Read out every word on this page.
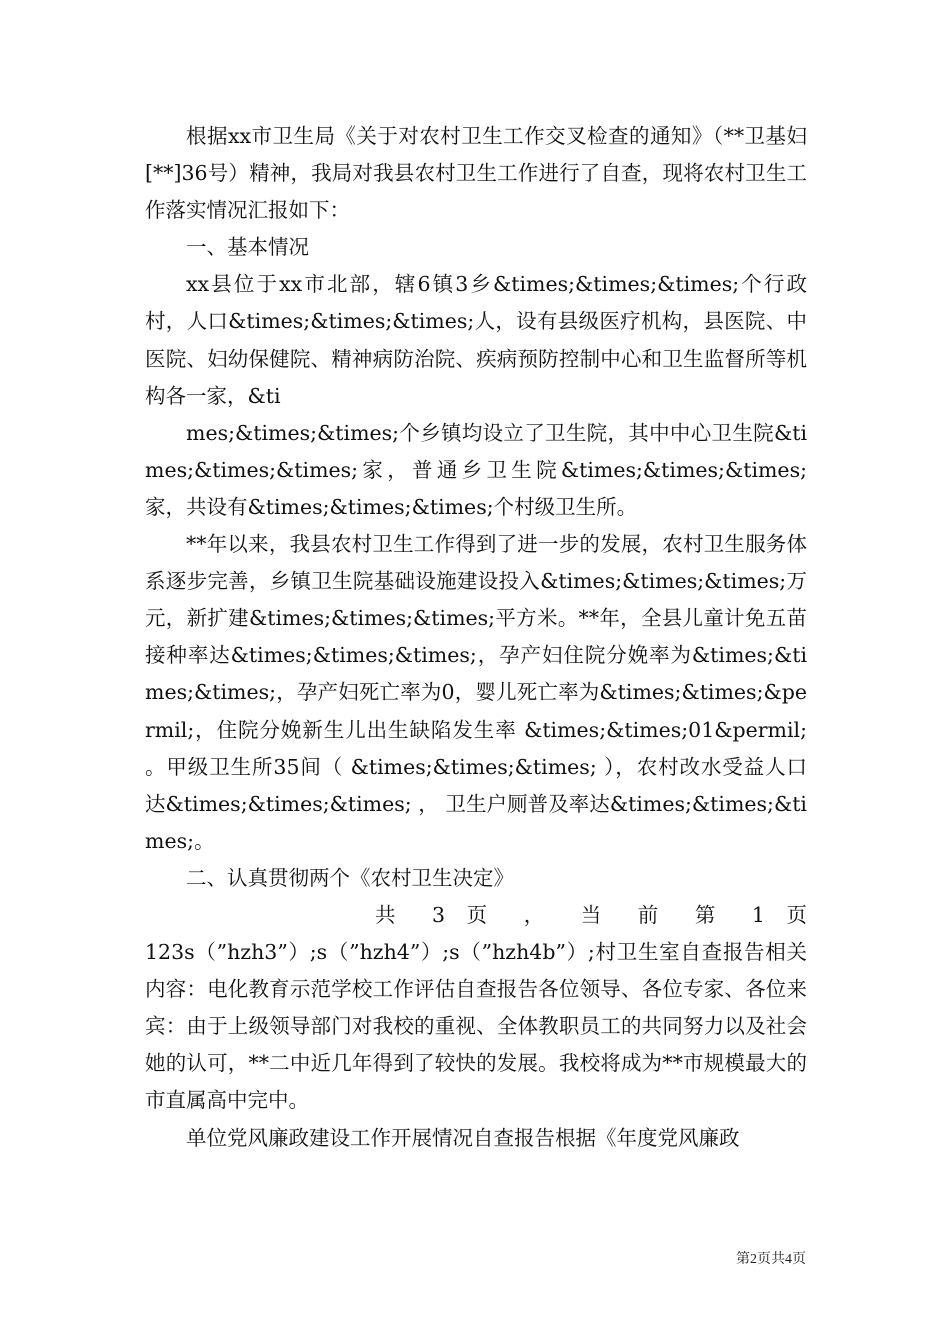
根据xx市卫生局《关于对农村卫生工作交叉检查的通知》（**卫基妇[**]36号）精神，我局对我县农村卫生工作进行了自查，现将农村卫生工作落实情况汇报如下：

一、基本情况

xx县位于xx市北部，辖6镇3乡&times;&times;&times;个行政村，人口&times;&times;&times;人，设有县级医疗机构，县医院、中医院、妇幼保健院、精神病防治院、疾病预防控制中心和卫生监督所等机构各一家，&ti

mes;&times;&times;个乡镇均设立了卫生院，其中中心卫生院&times;&times;&times;家，普通乡卫生院&times;&times;&times;家，共设有&times;&times;&times;个村级卫生所。

**年以来，我县农村卫生工作得到了进一步的发展，农村卫生服务体系逐步完善，乡镇卫生院基础设施建设投入&times;&times;&times;万元，新扩建&times;&times;&times;平方米。**年，全县儿童计免五苗接种率达&times;&times;&times;，孕产妇住院分娩率为&times;&times;&times;，孕产妇死亡率为0，婴儿死亡率为&times;&times;&permil;，住院分娩新生儿出生缺陷发生率 &times;&times;01&permil; 。甲级卫生所35间（ &times;&times;&times; ），农村改水受益人口达&times;&times;&times; ， 卫生户厕普及率达&times;&times;&times;。

二、认真贯彻两个《农村卫生决定》

共 3 页 ， 当 前 第 1 页

123s（”hzh3”）;s（”hzh4”）;s（”hzh4b”）;村卫生室自查报告相关内容：电化教育示范学校工作评估自查报告各位领导、各位专家、各位来宾：由于上级领导部门对我校的重视、全体教职员工的共同努力以及社会她的认可，**二中近几年得到了较快的发展。我校将成为**市规模最大的市直属高中完中。

单位党风廉政建设工作开展情况自查报告根据《年度党风廉政

第2页共4页
